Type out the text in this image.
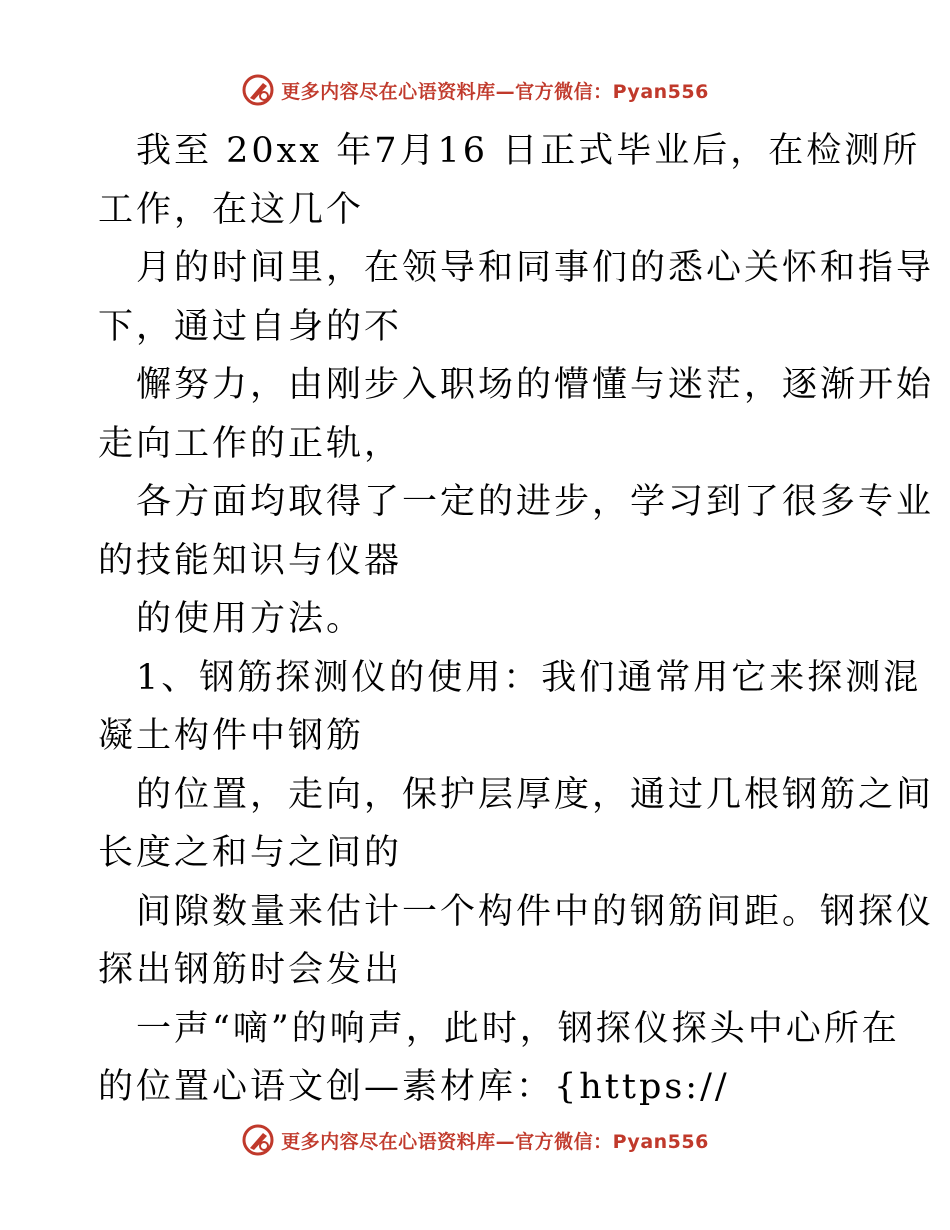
更多内容尽在心语资料库—官方微信：Pyan556
我至 20xx 年7月16 日正式毕业后，在检测所
工作，在这几个
月的时间里，在领导和同事们的悉心关怀和指导
下，通过自身的不
懈努力，由刚步入职场的懵懂与迷茫，逐渐开始
走向工作的正轨，
各方面均取得了一定的进步，学习到了很多专业
的技能知识与仪器
的使用方法。
1、钢筋探测仪的使用：我们通常用它来探测混
凝土构件中钢筋
的位置，走向，保护层厚度，通过几根钢筋之间
长度之和与之间的
间隙数量来估计一个构件中的钢筋间距。钢探仪
探出钢筋时会发出
一声“嘀”的响声，此时，钢探仪探头中心所在
的位置心语文创—素材库：{https://
更多内容尽在心语资料库—官方微信：Pyan556
